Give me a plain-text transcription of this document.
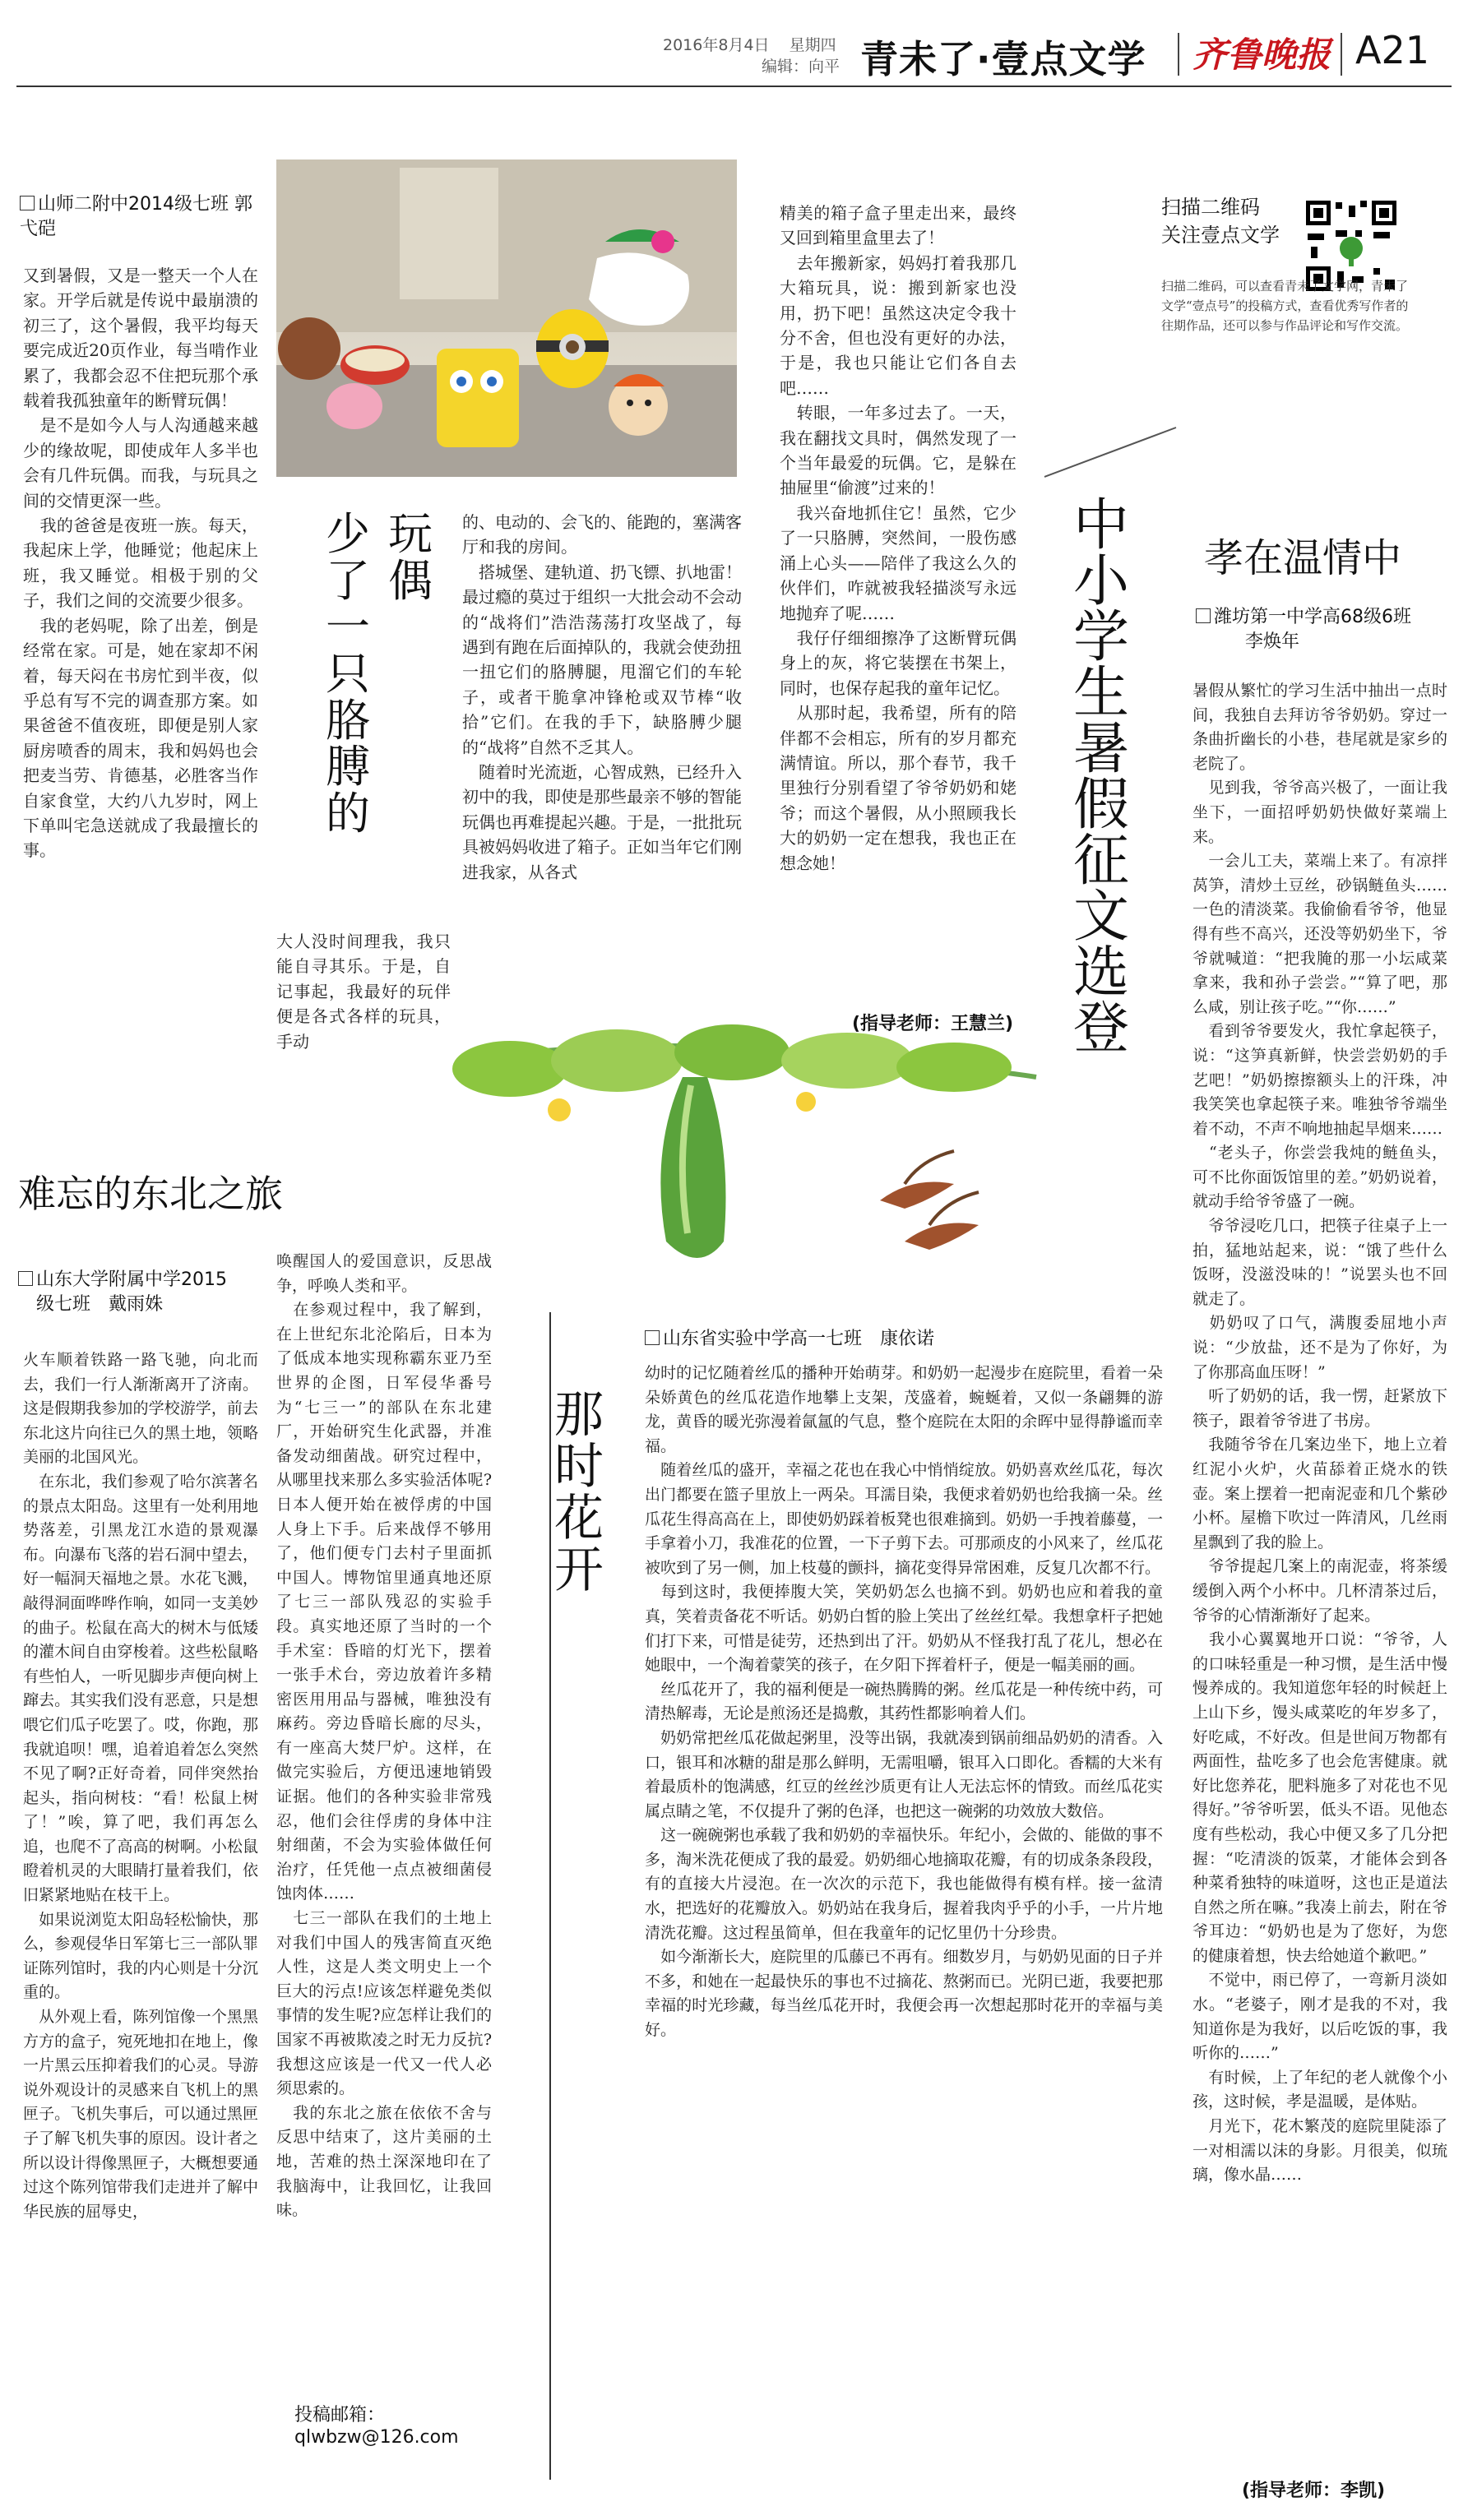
2016年8月4日 星期四
编辑：向平 青未了·壹点文学 齐鲁晚报 A21
山师二附中2014级七班 郭弋硙
又到暑假，又是一整天一个人在家。开学后就是传说中最崩溃的初三了，这个暑假，我平均每天要完成近20页作业，每当啃作业累了，我都会忍不住把玩那个承载着我孤独童年的断臂玩偶！
　是不是如今人与人沟通越来越少的缘故呢，即使成年人多半也会有几件玩偶。而我，与玩具之间的交情更深一些。
　我的爸爸是夜班一族。每天，我起床上学，他睡觉；他起床上班，我又睡觉。相极于别的父子，我们之间的交流要少很多。
　我的老妈呢，除了出差，倒是经常在家。可是，她在家却不闲着，每天闷在书房忙到半夜，似乎总有写不完的调查那方案。如果爸爸不值夜班，即便是别人家厨房喷香的周末，我和妈妈也会把麦当劳、肯德基，必胜客当作自家食堂，大约八九岁时，网上下单叫宅急送就成了我最擅长的事。
玩
偶
少
了
一
只
胳
膊
的
大人没时间理我，我只能自寻其乐。于是，自记事起，我最好的玩伴便是各式各样的玩具，手动
的、电动的、会飞的、能跑的，塞满客厅和我的房间。
　搭城堡、建轨道、扔飞镖、扒地雷！最过瘾的莫过于组织一大批会动不会动的“战将们”浩浩荡荡打攻坚战了，每遇到有跑在后面掉队的，我就会使劲扭一扭它们的胳膊腿，甩溜它们的车轮子，或者干脆拿冲锋枪或双节棒“收拾”它们。在我的手下，缺胳膊少腿的“战将”自然不乏其人。
　随着时光流逝，心智成熟，已经升入初中的我，即使是那些最亲不够的智能玩偶也再难提起兴趣。于是，一批批玩具被妈妈收进了箱子。正如当年它们刚进我家，从各式
精美的箱子盒子里走出来，最终又回到箱里盒里去了！
　去年搬新家，妈妈打着我那几大箱玩具，说：搬到新家也没用，扔下吧！虽然这决定令我十分不舍，但也没有更好的办法，于是，我也只能让它们各自去吧……
　转眼，一年多过去了。一天，我在翻找文具时，偶然发现了一个当年最爱的玩偶。它，是躲在抽屉里“偷渡”过来的！
　我兴奋地抓住它！虽然，它少了一只胳膊，突然间，一股伤感涌上心头——陪伴了我这么久的伙伴们，咋就被我轻描淡写永远地抛弃了呢……
　我仔仔细细擦净了这断臂玩偶身上的灰，将它装摆在书架上，同时，也保存起我的童年记忆。
　从那时起，我希望，所有的陪伴都不会相忘，所有的岁月都充满情谊。所以，那个春节，我千里独行分别看望了爷爷奶奶和姥爷；而这个暑假，从小照顾我长大的奶奶一定在想我，我也正在想念她！
(指导老师：王慧兰)
扫描二维码
关注壹点文学
扫描二维码，可以查看青未了文学网，青未了文学“壹点号”的投稿方式，查看优秀写作者的往期作品，还可以参与作品评论和写作交流。
中
小
学
生
暑
假
征
文
选
登
孝在温情中
潍坊第一中学高68级6班
李焕年
暑假从繁忙的学习生活中抽出一点时间，我独自去拜访爷爷奶奶。穿过一条曲折幽长的小巷，巷尾就是家乡的老院了。
　见到我，爷爷高兴极了，一面让我坐下，一面招呼奶奶快做好菜端上来。
　一会儿工夫，菜端上来了。有凉拌莴笋，清炒土豆丝，砂锅鲢鱼头……一色的清淡菜。我偷偷看爷爷，他显得有些不高兴，还没等奶奶坐下，爷爷就喊道：“把我腌的那一小坛咸菜拿来，我和孙子尝尝。”“算了吧，那么咸，别让孩子吃。”“你……”
　看到爷爷要发火，我忙拿起筷子，说：“这笋真新鲜，快尝尝奶奶的手艺吧！”奶奶擦擦额头上的汗珠，冲我笑笑也拿起筷子来。唯独爷爷端坐着不动，不声不响地抽起旱烟来……
　“老头子，你尝尝我炖的鲢鱼头，可不比你面饭馆里的差。”奶奶说着，就动手给爷爷盛了一碗。
　爷爷浸吃几口，把筷子往桌子上一拍，猛地站起来，说：“饿了些什么饭呀，没滋没味的！”说罢头也不回就走了。
　奶奶叹了口气，满腹委屈地小声说：“少放盐，还不是为了你好，为了你那高血压呀！”
　听了奶奶的话，我一愣，赶紧放下筷子，跟着爷爷进了书房。
　我随爷爷在几案边坐下，地上立着红泥小火炉，火苗舔着正烧水的铁壶。案上摆着一把南泥壶和几个紫砂小杯。屋檐下吹过一阵清风，几丝雨星飘到了我的脸上。
　爷爷提起几案上的南泥壶，将茶缓缓倒入两个小杯中。几杯清茶过后，爷爷的心情渐渐好了起来。
　我小心翼翼地开口说：“爷爷，人的口味轻重是一种习惯，是生活中慢慢养成的。我知道您年轻的时候赶上上山下乡，馒头咸菜吃的年岁多了，好吃咸，不好改。但是世间万物都有两面性，盐吃多了也会危害健康。就好比您养花，肥料施多了对花也不见得好。”爷爷听罢，低头不语。见他态度有些松动，我心中便又多了几分把握：“吃清淡的饭菜，才能体会到各种菜肴独特的味道呀，这也正是道法自然之所在嘛。”我凑上前去，附在爷爷耳边：“奶奶也是为了您好，为您的健康着想，快去给她道个歉吧。”
　不觉中，雨已停了，一弯新月淡如水。“老婆子，刚才是我的不对，我知道你是为我好，以后吃饭的事，我听你的……”
　有时候，上了年纪的老人就像个小孩，这时候，孝是温暖，是体贴。
　月光下，花木繁茂的庭院里陡添了一对相濡以沫的身影。月很美，似琉璃，像水晶……
(指导老师：李凯)
难忘的东北之旅
山东大学附属中学2015
级七班　戴雨姝
火车顺着铁路一路飞驰，向北而去，我们一行人渐渐离开了济南。这是假期我参加的学校游学，前去东北这片向往已久的黑土地，领略美丽的北国风光。
　在东北，我们参观了哈尔滨著名的景点太阳岛。这里有一处利用地势落差，引黑龙江水造的景观瀑布。向瀑布飞落的岩石洞中望去，好一幅洞天福地之景。水花飞溅，敲得洞面哗哗作响，如同一支美妙的曲子。松鼠在高大的树木与低矮的灌木间自由穿梭着。这些松鼠略有些怕人，一听见脚步声便向树上蹿去。其实我们没有恶意，只是想喂它们瓜子吃罢了。哎，你跑，那我就追呗！嘿，追着追着怎么突然不见了啊?正好奇着，同伴突然抬起头，指向树枝：“看！松鼠上树了！”唉，算了吧，我们再怎么追，也爬不了高高的树啊。小松鼠瞪着机灵的大眼睛打量着我们，依旧紧紧地贴在枝干上。
　如果说浏览太阳岛轻松愉快，那么，参观侵华日军第七三一部队罪证陈列馆时，我的内心则是十分沉重的。
　从外观上看，陈列馆像一个黑黑方方的盒子，宛死地扣在地上，像一片黑云压抑着我们的心灵。导游说外观设计的灵感来自飞机上的黑匣子。飞机失事后，可以通过黑匣子了解飞机失事的原因。设计者之所以设计得像黑匣子，大概想要通过这个陈列馆带我们走进并了解中华民族的屈辱史，
唤醒国人的爱国意识，反思战争，呼唤人类和平。
　在参观过程中，我了解到，在上世纪东北沦陷后，日本为了低成本地实现称霸东亚乃至世界的企图，日军侵华番号为“七三一”的部队在东北建厂，开始研究生化武器，并准备发动细菌战。研究过程中，从哪里找来那么多实验活体呢?日本人便开始在被俘虏的中国人身上下手。后来战俘不够用了，他们便专门去村子里面抓中国人。博物馆里通真地还原了七三一部队残忍的实验手段。真实地还原了当时的一个手术室：昏暗的灯光下，摆着一张手术台，旁边放着许多精密医用用品与器械，唯独没有麻药。旁边昏暗长廊的尽头，有一座高大焚尸炉。这样，在做完实验后，方便迅速地销毁证据。他们的各种实验非常残忍，他们会往俘虏的身体中注射细菌，不会为实验体做任何治疗，任凭他一点点被细菌侵蚀肉体……
　七三一部队在我们的土地上对我们中国人的残害简直灭绝人性，这是人类文明史上一个巨大的污点!应该怎样避免类似事情的发生呢?应怎样让我们的国家不再被欺凌之时无力反抗?我想这应该是一代又一代人必须思索的。
　我的东北之旅在依依不舍与反思中结束了，这片美丽的土地，苦难的热土深深地印在了我脑海中，让我回忆，让我回味。
投稿邮箱：
qlwbzw@126.com
那
时
花
开
山东省实验中学高一七班　康依诺
幼时的记忆随着丝瓜的播种开始萌芽。和奶奶一起漫步在庭院里，看着一朵朵娇黄色的丝瓜花造作地攀上支架，茂盛着，蜿蜒着，又似一条翩舞的游龙，黄昏的暖光弥漫着氤氲的气息，整个庭院在太阳的余晖中显得静谧而幸福。
　随着丝瓜的盛开，幸福之花也在我心中悄悄绽放。奶奶喜欢丝瓜花，每次出门都要在篮子里放上一两朵。耳濡目染，我便求着奶奶也给我摘一朵。丝瓜花生得高高在上，即使奶奶踩着板凳也很难摘到。奶奶一手拽着藤蔓，一手拿着小刀，我准花的位置，一下子剪下去。可那顽皮的小风来了，丝瓜花被吹到了另一侧，加上枝蔓的颤抖，摘花变得异常困难，反复几次都不行。
　每到这时，我便捧腹大笑，笑奶奶怎么也摘不到。奶奶也应和着我的童真，笑着责备花不听话。奶奶白皙的脸上笑出了丝丝红晕。我想拿杆子把她们打下来，可惜是徒劳，还热到出了汗。奶奶从不怪我打乱了花儿，想必在她眼中，一个淘着蒙笑的孩子，在夕阳下挥着杆子，便是一幅美丽的画。
　丝瓜花开了，我的福利便是一碗热腾腾的粥。丝瓜花是一种传统中药，可清热解毒，无论是煎汤还是捣敷，其药性都影响着人们。
　奶奶常把丝瓜花做起粥里，没等出锅，我就凑到锅前细品奶奶的清香。入口，银耳和冰糖的甜是那么鲜明，无需咀嚼，银耳入口即化。香糯的大米有着最质朴的饱满感，红豆的丝丝沙质更有让人无法忘怀的情致。而丝瓜花实属点睛之笔，不仅提升了粥的色泽，也把这一碗粥的功效放大数倍。
　这一碗碗粥也承载了我和奶奶的幸福快乐。年纪小，会做的、能做的事不多，淘米洗花便成了我的最爱。奶奶细心地摘取花瓣，有的切成条条段段，有的直接大片浸泡。在一次次的示范下，我也能做得有模有样。接一盆清水，把选好的花瓣放入。奶奶站在我身后，握着我肉乎乎的小手，一片片地清洗花瓣。这过程虽简单，但在我童年的记忆里仍十分珍贵。
　如今渐渐长大，庭院里的瓜藤已不再有。细数岁月，与奶奶见面的日子并不多，和她在一起最快乐的事也不过摘花、熬粥而已。光阴已逝，我要把那幸福的时光珍藏，每当丝瓜花开时，我便会再一次想起那时花开的幸福与美好。
